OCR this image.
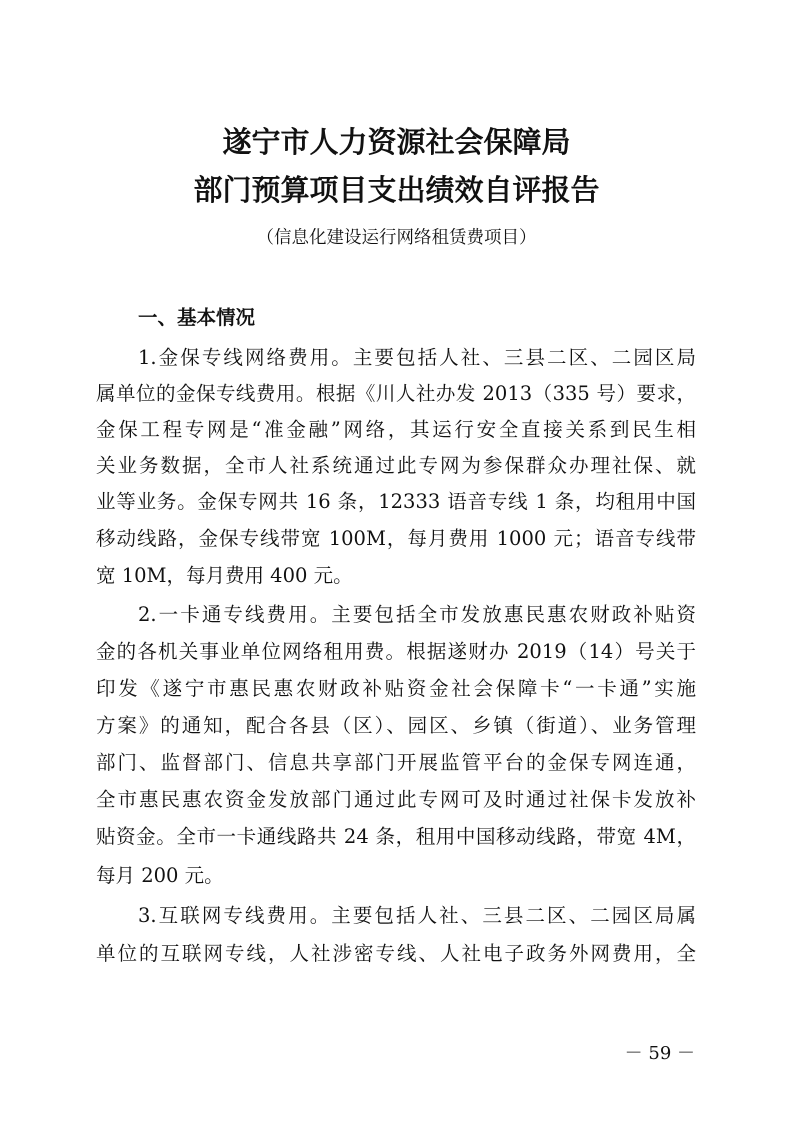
遂宁市人力资源社会保障局
部门预算项目支出绩效自评报告
（信息化建设运行网络租赁费项目）
一、基本情况
1.金保专线网络费用。主要包括人社、三县二区、二园区局
属单位的金保专线费用。根据《川人社办发 2013（335 号）要求，
金保工程专网是“准金融”网络，其运行安全直接关系到民生相
关业务数据，全市人社系统通过此专网为参保群众办理社保、就
业等业务。金保专网共 16 条，12333 语音专线 1 条，均租用中国
移动线路，金保专线带宽 100M，每月费用 1000 元；语音专线带
宽 10M，每月费用 400 元。
2.一卡通专线费用。主要包括全市发放惠民惠农财政补贴资
金的各机关事业单位网络租用费。根据遂财办 2019（14）号关于
印发《遂宁市惠民惠农财政补贴资金社会保障卡“一卡通”实施
方案》的通知，配合各县（区）、园区、乡镇（街道）、业务管理
部门、监督部门、信息共享部门开展监管平台的金保专网连通，
全市惠民惠农资金发放部门通过此专网可及时通过社保卡发放补
贴资金。全市一卡通线路共 24 条，租用中国移动线路，带宽 4M，
每月 200 元。
3.互联网专线费用。主要包括人社、三县二区、二园区局属
单位的互联网专线，人社涉密专线、人社电子政务外网费用，全
－ 59 －
